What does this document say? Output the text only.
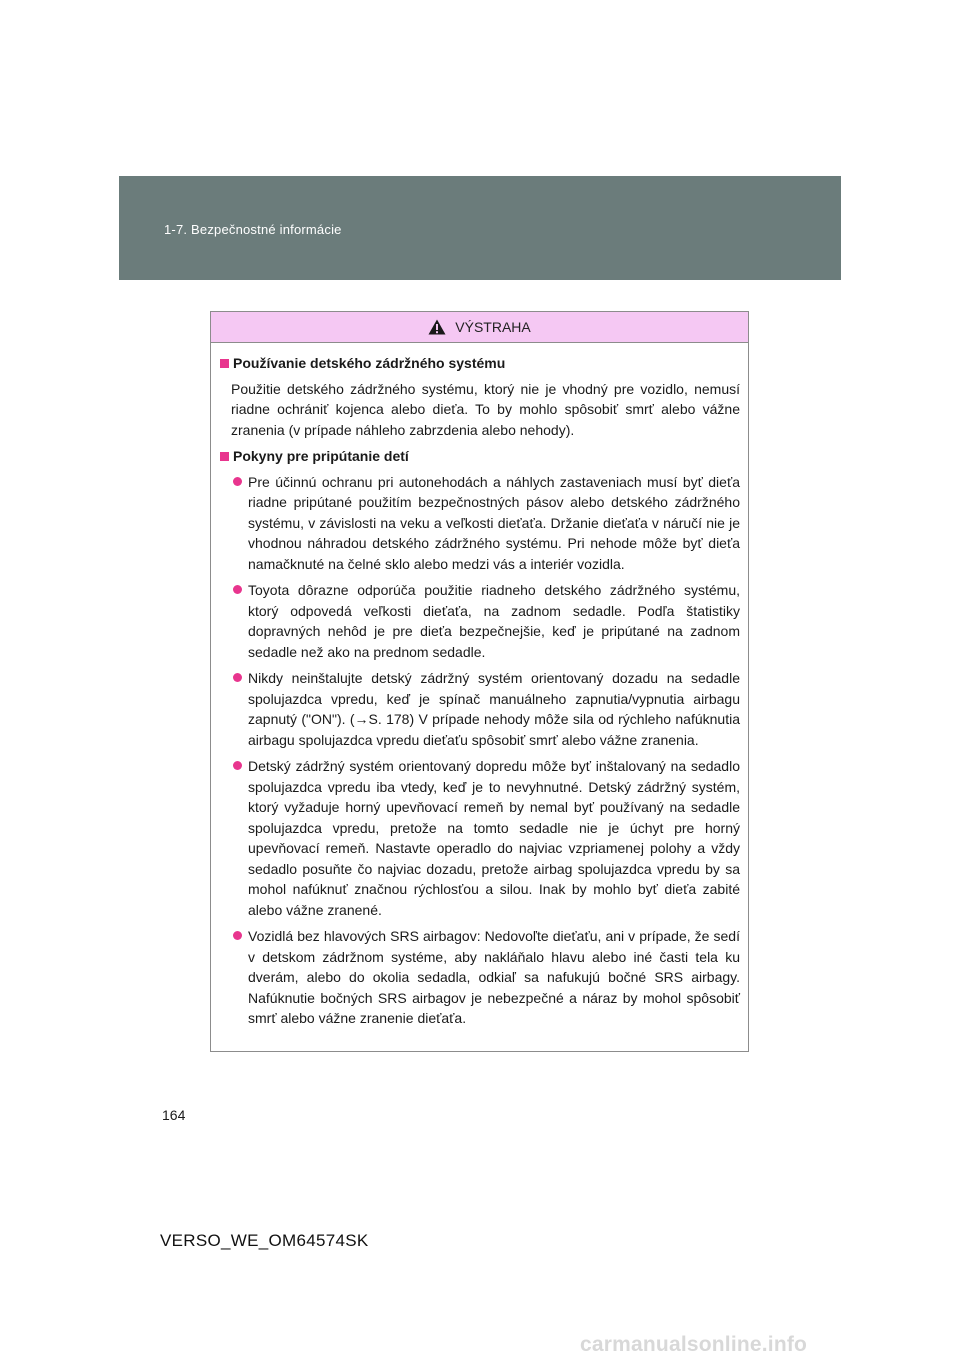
1-7. Bezpečnostné informácie
VÝSTRAHA
Používanie detského zádržného systému
Použitie detského zádržného systému, ktorý nie je vhodný pre vozidlo, nemusí riadne ochrániť kojenca alebo dieťa. To by mohlo spôsobiť smrť alebo vážne zranenia (v prípade náhleho zabrzdenia alebo nehody).
Pokyny pre pripútanie detí
Pre účinnú ochranu pri autonehodách a náhlych zastaveniach musí byť dieťa riadne pripútané použitím bezpečnostných pásov alebo detského zádržného systému, v závislosti na veku a veľkosti dieťaťa. Držanie dieťaťa v náručí nie je vhodnou náhradou detského zádržného systému. Pri nehode môže byť dieťa namačknuté na čelné sklo alebo medzi vás a interiér vozidla.
Toyota dôrazne odporúča použitie riadneho detského zádržného systému, ktorý odpovedá veľkosti dieťaťa, na zadnom sedadle. Podľa štatistiky dopravných nehôd je pre dieťa bezpečnejšie, keď je pripútané na zadnom sedadle než ako na prednom sedadle.
Nikdy neinštalujte detský zádržný systém orientovaný dozadu na sedadle spolujazdca vpredu, keď je spínač manuálneho zapnutia/vypnutia airbagu zapnutý ("ON"). (→S. 178) V prípade nehody môže sila od rýchleho nafúknutia airbagu spolujazdca vpredu dieťaťu spôsobiť smrť alebo vážne zranenia.
Detský zádržný systém orientovaný dopredu môže byť inštalovaný na sedadlo spolujazdca vpredu iba vtedy, keď je to nevyhnutné. Detský zádržný systém, ktorý vyžaduje horný upevňovací remeň by nemal byť používaný na sedadle spolujazdca vpredu, pretože na tomto sedadle nie je úchyt pre horný upevňovací remeň. Nastavte operadlo do najviac vzpriamenej polohy a vždy sedadlo posuňte čo najviac dozadu, pretože airbag spolujazdca vpredu by sa mohol nafúknuť značnou rýchlosťou a silou. Inak by mohlo byť dieťa zabité alebo vážne zranené.
Vozidlá bez hlavových SRS airbagov: Nedovoľte dieťaťu, ani v prípade, že sedí v detskom zádržnom systéme, aby nakláňalo hlavu alebo iné časti tela ku dverám, alebo do okolia sedadla, odkiaľ sa nafukujú bočné SRS airbagy. Nafúknutie bočných SRS airbagov je nebezpečné a náraz by mohol spôsobiť smrť alebo vážne zranenie dieťaťa.
164
VERSO_WE_OM64574SK
carmanualsonline.info
